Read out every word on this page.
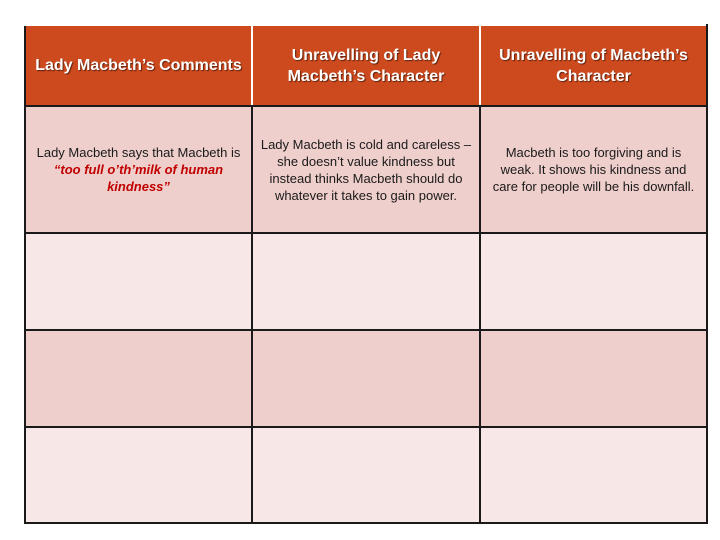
Lady Macbeth’s Comments	Unravelling of Lady Macbeth’s Character	Unravelling of Macbeth’s Character
Lady Macbeth says that Macbeth is “too full o’th’milk of human kindness”	Lady Macbeth is cold and careless – she doesn’t value kindness but instead thinks Macbeth should do whatever it takes to gain power.	Macbeth is too forgiving and is weak. It shows his kindness and care for people will be his downfall.
